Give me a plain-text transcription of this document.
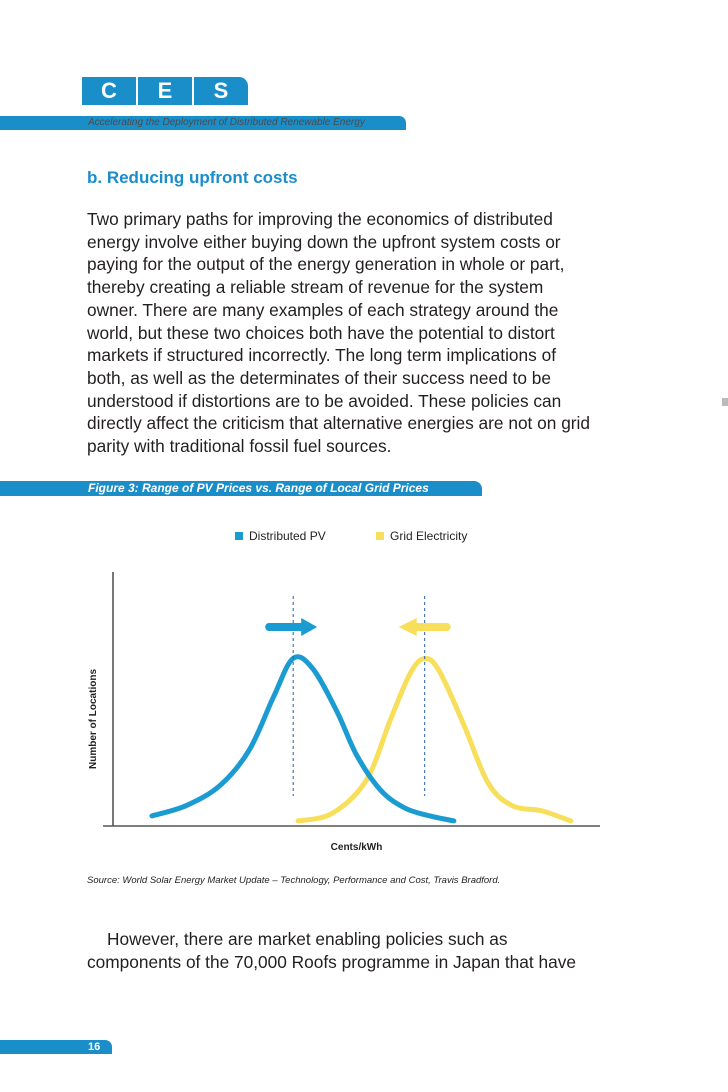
C	E	S
Accelerating the Deployment of Distributed Renewable Energy
b. Reducing upfront costs

Two primary paths for improving the economics of distributed
energy involve either buying down the upfront system costs or
paying for the output of the energy generation in whole or part,
thereby creating a reliable stream of revenue for the system
owner. There are many examples of each strategy around the
world, but these two choices both have the potential to distort
markets if structured incorrectly. The long term implications of
both, as well as the determinates of their success need to be
understood if distortions are to be avoided. These policies can
directly affect the criticism that alternative energies are not on grid
parity with traditional fossil fuel sources.

Figure 3: Range of PV Prices vs. Range of Local Grid Prices
Cents/kWh
Number of Locations
Distributed PV	Grid Electricity
Source: World Solar Energy Market Update – Technology, Performance and Cost, Travis Bradford.

However, there are market enabling policies such as
components of the 70,000 Roofs programme in Japan that have

16
